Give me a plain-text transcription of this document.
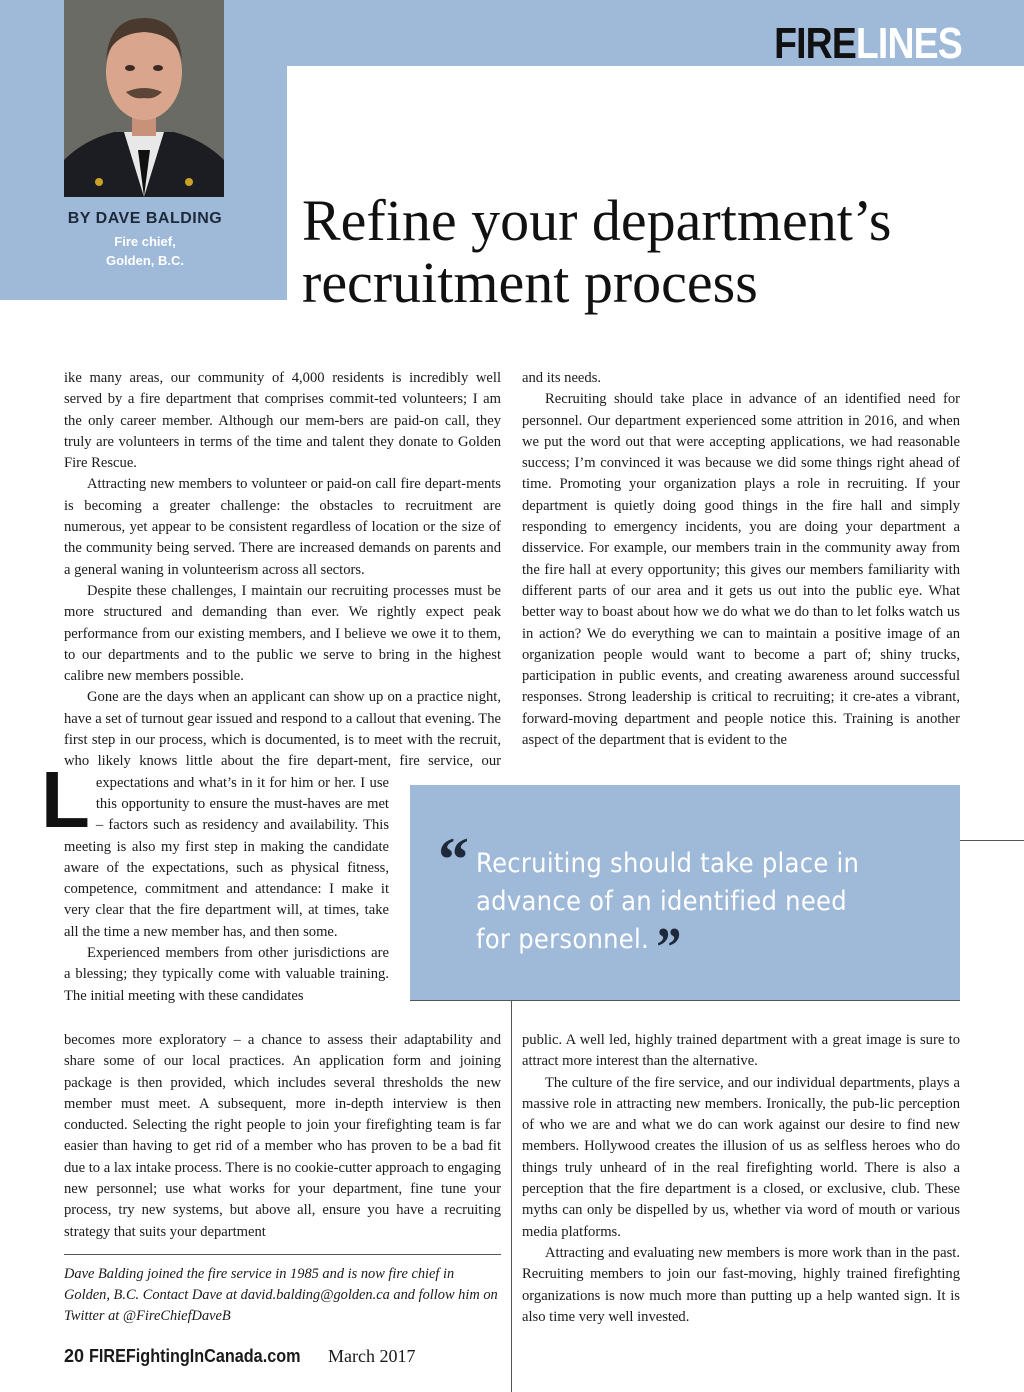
FIRELINES
BY DAVE BALDING
Fire chief,
Golden, B.C.
Refine your department’s
recruitment process

L
ike many areas, our community of 4,000 residents is incredibly well served by a fire department that comprises commit-ted volunteers; I am the only career member. Although our mem-bers are paid-on call, they truly are volunteers in terms of the time and talent they donate to Golden Fire Rescue.

Attracting new members to volunteer or paid-on call fire depart-ments is becoming a greater challenge: the obstacles to recruitment are numerous, yet appear to be consistent regardless of location or the size of the community being served. There are increased demands on parents and a general waning in volunteerism across all sectors.

Despite these challenges, I maintain our recruiting processes must be more structured and demanding than ever. We rightly expect peak performance from our existing members, and I believe we owe it to them, to our departments and to the public we serve to bring in the highest calibre new members possible.

Gone are the days when an applicant can show up on a practice night, have a set of turnout gear issued and respond to a callout that evening. The first step in our process, which is documented, is to meet with the recruit, who likely knows little about the fire depart-ment, fire service, our expectations and what’s in it for him or her. I use this opportunity to ensure the must-haves are met – factors such as residency and availability. This meeting is also my first step in making the candidate aware of the expectations, such as physical fitness, competence, commitment and attendance: I make it very clear that the fire department will, at times, take all the time a new member has, and then some.

Experienced members from other jurisdictions are a blessing; they typically come with valuable training. The initial meeting with these candidates

becomes more exploratory – a chance to assess their adaptability and share some of our local practices. An application form and joining package is then provided, which includes several thresholds the new member must meet. A subsequent, more in-depth interview is then conducted. Selecting the right people to join your firefighting team is far easier than having to get rid of a member who has proven to be a bad fit due to a lax intake process. There is no cookie-cutter approach to engaging new personnel; use what works for your department, fine tune your process, try new systems, but above all, ensure you have a recruiting strategy that suits your department

and its needs.

Recruiting should take place in advance of an identified need for personnel. Our department experienced some attrition in 2016, and when we put the word out that were accepting applications, we had reasonable success; I’m convinced it was because we did some things right ahead of time. Promoting your organization plays a role in recruiting. If your department is quietly doing good things in the fire hall and simply responding to emergency incidents, you are doing your department a disservice. For example, our members train in the community away from the fire hall at every opportunity; this gives our members familiarity with different parts of our area and it gets us out into the public eye. What better way to boast about how we do what we do than to let folks watch us in action? We do everything we can to maintain a positive image of an organization people would want to become a part of; shiny trucks, participation in public events, and creating awareness around successful responses. Strong leadership is critical to recruiting; it cre-ates a vibrant, forward-moving department and people notice this. Training is another aspect of the department that is evident to the

“ Recruiting should take place in advance of an identified need for personnel. ”

public. A well led, highly trained department with a great image is sure to attract more interest than the alternative.

The culture of the fire service, and our individual departments, plays a massive role in attracting new members. Ironically, the pub-lic perception of who we are and what we do can work against our desire to find new members. Hollywood creates the illusion of us as selfless heroes who do things truly unheard of in the real firefighting world. There is also a perception that the fire department is a closed, or exclusive, club. These myths can only be dispelled by us, whether via word of mouth or various media platforms.

Attracting and evaluating new members is more work than in the past. Recruiting members to join our fast-moving, highly trained firefighting organizations is now much more than putting up a help wanted sign. It is also time very well invested.

Dave Balding joined the fire service in 1985 and is now fire chief in Golden, B.C. Contact Dave at david.balding@golden.ca and follow him on Twitter at @FireChiefDaveB
20 FIREFightingInCanada.com March 2017
